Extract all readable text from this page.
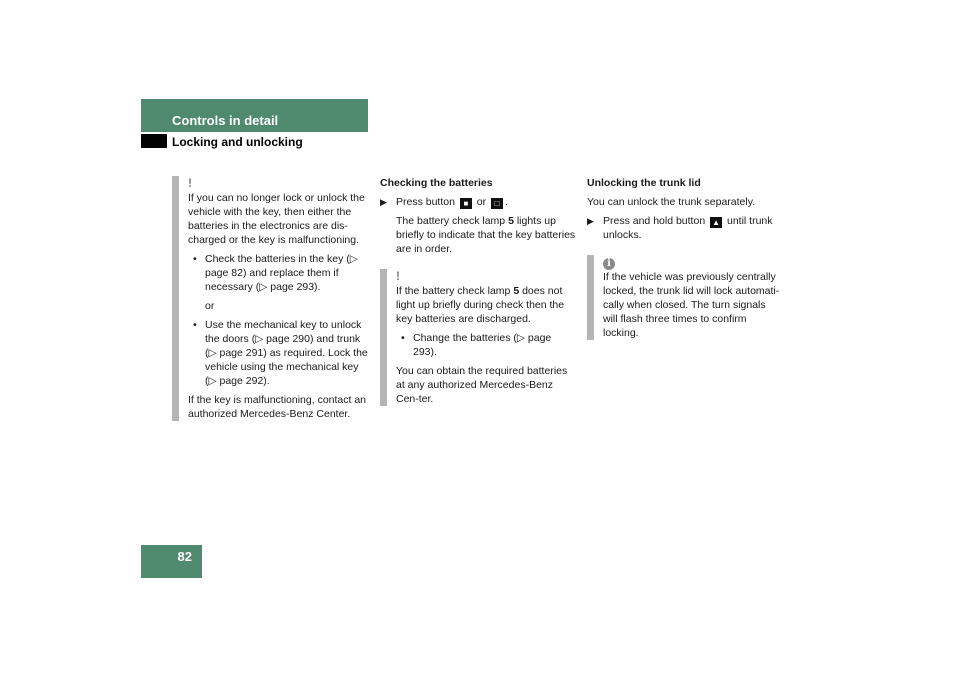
Controls in detail
Locking and unlocking
!

If you can no longer lock or unlock the vehicle with the key, then either the batteries in the electronics are dis-charged or the key is malfunctioning.

• Check the batteries in the key (▷ page 82) and replace them if necessary (▷ page 293).
or
• Use the mechanical key to unlock the doors (▷ page 290) and trunk (▷ page 291) as required. Lock the vehicle using the mechanical key (▷ page 292).

If the key is malfunctioning, contact an authorized Mercedes-Benz Center.

Checking the batteries

▶ Press button ■ or □ .
The battery check lamp 5 lights up briefly to indicate that the key batteries are in order.
!

If the battery check lamp 5 does not light up briefly during check then the key batteries are discharged.

• Change the batteries (▷ page 293).

You can obtain the required batteries at any authorized Mercedes-Benz Cen-ter.

Unlocking the trunk lid

You can unlock the trunk separately.

▶ Press and hold button ▲ until trunk unlocks.
i

If the vehicle was previously centrally locked, the trunk lid will lock automati-cally when closed. The turn signals will flash three times to confirm locking.

82
